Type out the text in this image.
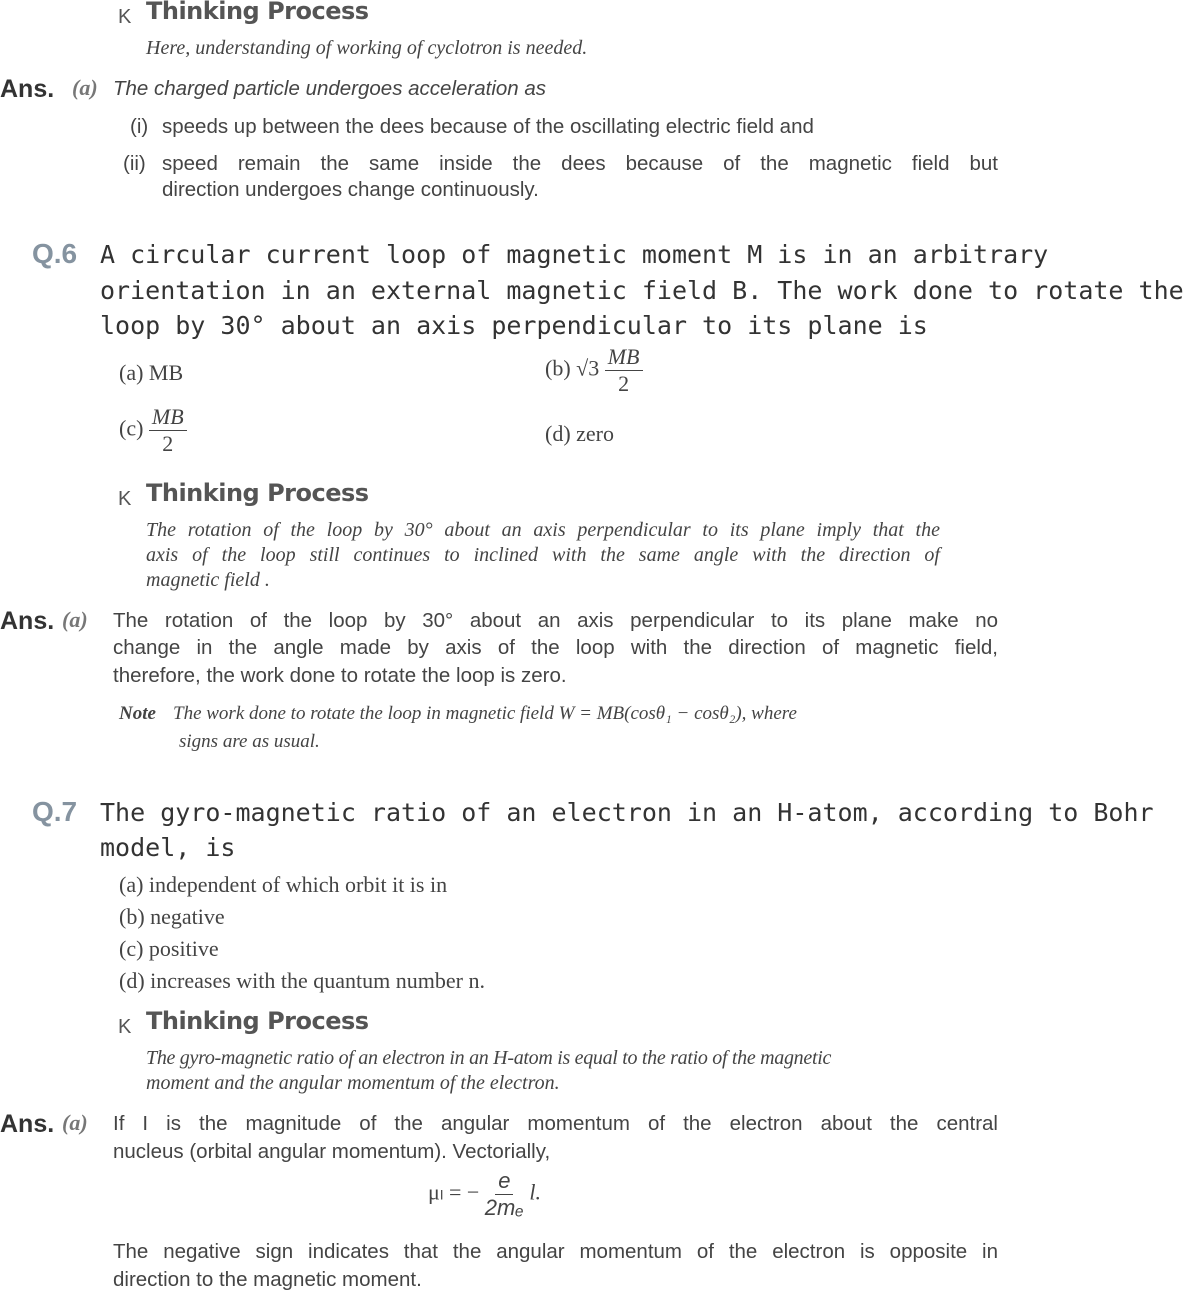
K Thinking Process
Here, understanding of working of cyclotron is needed.
Ans. (a) The charged particle undergoes acceleration as
(i) speeds up between the dees because of the oscillating electric field and
(ii) speed remain the same inside the dees because of the magnetic field but
direction undergoes change continuously.
Q.6 A circular current loop of magnetic moment M is in an arbitrary
orientation in an external magnetic field B. The work done to rotate the
loop by 30° about an axis perpendicular to its plane is
(a) MB	(b) $√3 \frac{MB}{2}$
$(c) \frac{MB}{2}$	(d) zero
K Thinking Process
The rotation of the loop by 30° about an axis perpendicular to its plane imply that the
axis of the loop still continues to inclined with the same angle with the direction of
magnetic field .
Ans. (a) The rotation of the loop by 30° about an axis perpendicular to its plane make no
change in the angle made by axis of the loop with the direction of magnetic field,
therefore, the work done to rotate the loop is zero.
Note The work done to rotate the loop in magnetic field W = MB(cosθ₁ − cosθ₂), where
signs are as usual.
Q.7 The gyro-magnetic ratio of an electron in an H-atom, according to Bohr
model, is
(a) independent of which orbit it is in
(b) negative
(c) positive
(d) increases with the quantum number n.
K Thinking Process
The gyro-magnetic ratio of an electron in an H-atom is equal to the ratio of the magnetic
moment and the angular momentum of the electron.
Ans. (a) If I is the magnitude of the angular momentum of the electron about the central
nucleus (orbital angular momentum). Vectorially,
μₗ = − $\frac{e}{\text{2mₑ}} l$.
The negative sign indicates that the angular momentum of the electron is opposite in
direction to the magnetic moment.
